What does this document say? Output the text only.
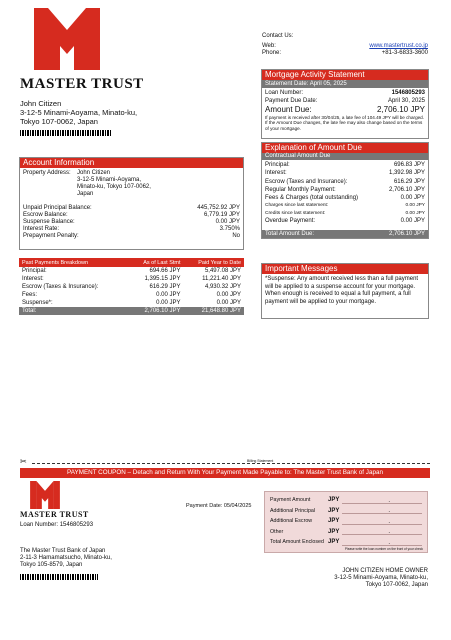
MASTER TRUST
John Citizen
3-12-5 Minami-Aoyama, Minato-ku,
Tokyo 107-0062, Japan
Contact Us:
Web:	www.mastertrust.co.jp
Phone:	+81-3-6833-3600
Mortgage Activity Statement
Statement Date: April 05, 2025
Loan Number:	1546805293
Payment Due Date:	April 30, 2025
Amount Due:	2,706.10 JPY
If payment is received after 30/04/25, a late fee of 104.49 JPY will be charged. If the Amount Due changes, the late fee may also change based on the terms of your mortgage.
Account Information
Property Address:	John Citizen
3-12-5 Minami-Aoyama,
Minato-ku, Tokyo 107-0062,
Japan
Unpaid Principal Balance:	445,752.92 JPY
Escrow Balance:	6,779.19 JPY
Suspense Balance:	0.00 JPY
Interest Rate:	3.750%
Prepayment Penalty:	No
Explanation of Amount Due
Contractual Amount Due
Principal:	696.83 JPY
Interest:	1,392.98 JPY
Escrow (Taxes and Insurance):	616.29 JPY
Regular Monthly Payment:	2,706.10 JPY
Fees & Charges (total outstanding)	0.00 JPY
Charges since last statement:	0.00 JPY
Credits since last statement:	0.00 JPY
Overdue Payment:	0.00 JPY
Total Amount Due:	2,706.10 JPY
Past Payments Breakdown	As of Last Stmt	Paid Year to Date
Principal:	694.66 JPY	5,497.08 JPY
Interest:	1,395.15 JPY	11,221.40 JPY
Escrow (Taxes & Insurance):	616.29 JPY	4,930.32 JPY
Fees:	0.00 JPY	0.00 JPY
Suspense*:	0.00 JPY	0.00 JPY
Total:	2,706.10 JPY	21,648.80 JPY
Important Messages
*Suspense: Any amount received less than a full payment will be applied to a suspense account for your mortgage. When enough is received to equal a full payment, a full payment will be applied to your mortgage.
✂	Billing Statement
PAYMENT COUPON – Detach and Return With Your Payment Made Payable to: The Master Trust Bank of Japan
MASTER TRUST
Loan Number: 1546805293
Payment Date: 05/04/2025
The Master Trust Bank of Japan
2-11-3 Hamamatsucho, Minato-ku,
Tokyo 105-8579, Japan
Payment Amount	JPY	.
Additional Principal	JPY	.
Additional Escrow	JPY	.
Other	JPY	.
Total Amount Enclosed JPY	.
Please write the loan number on the front of your check
JOHN CITIZEN HOME OWNER
3-12-5 Minami-Aoyama, Minato-ku,
Tokyo 107-0062, Japan
